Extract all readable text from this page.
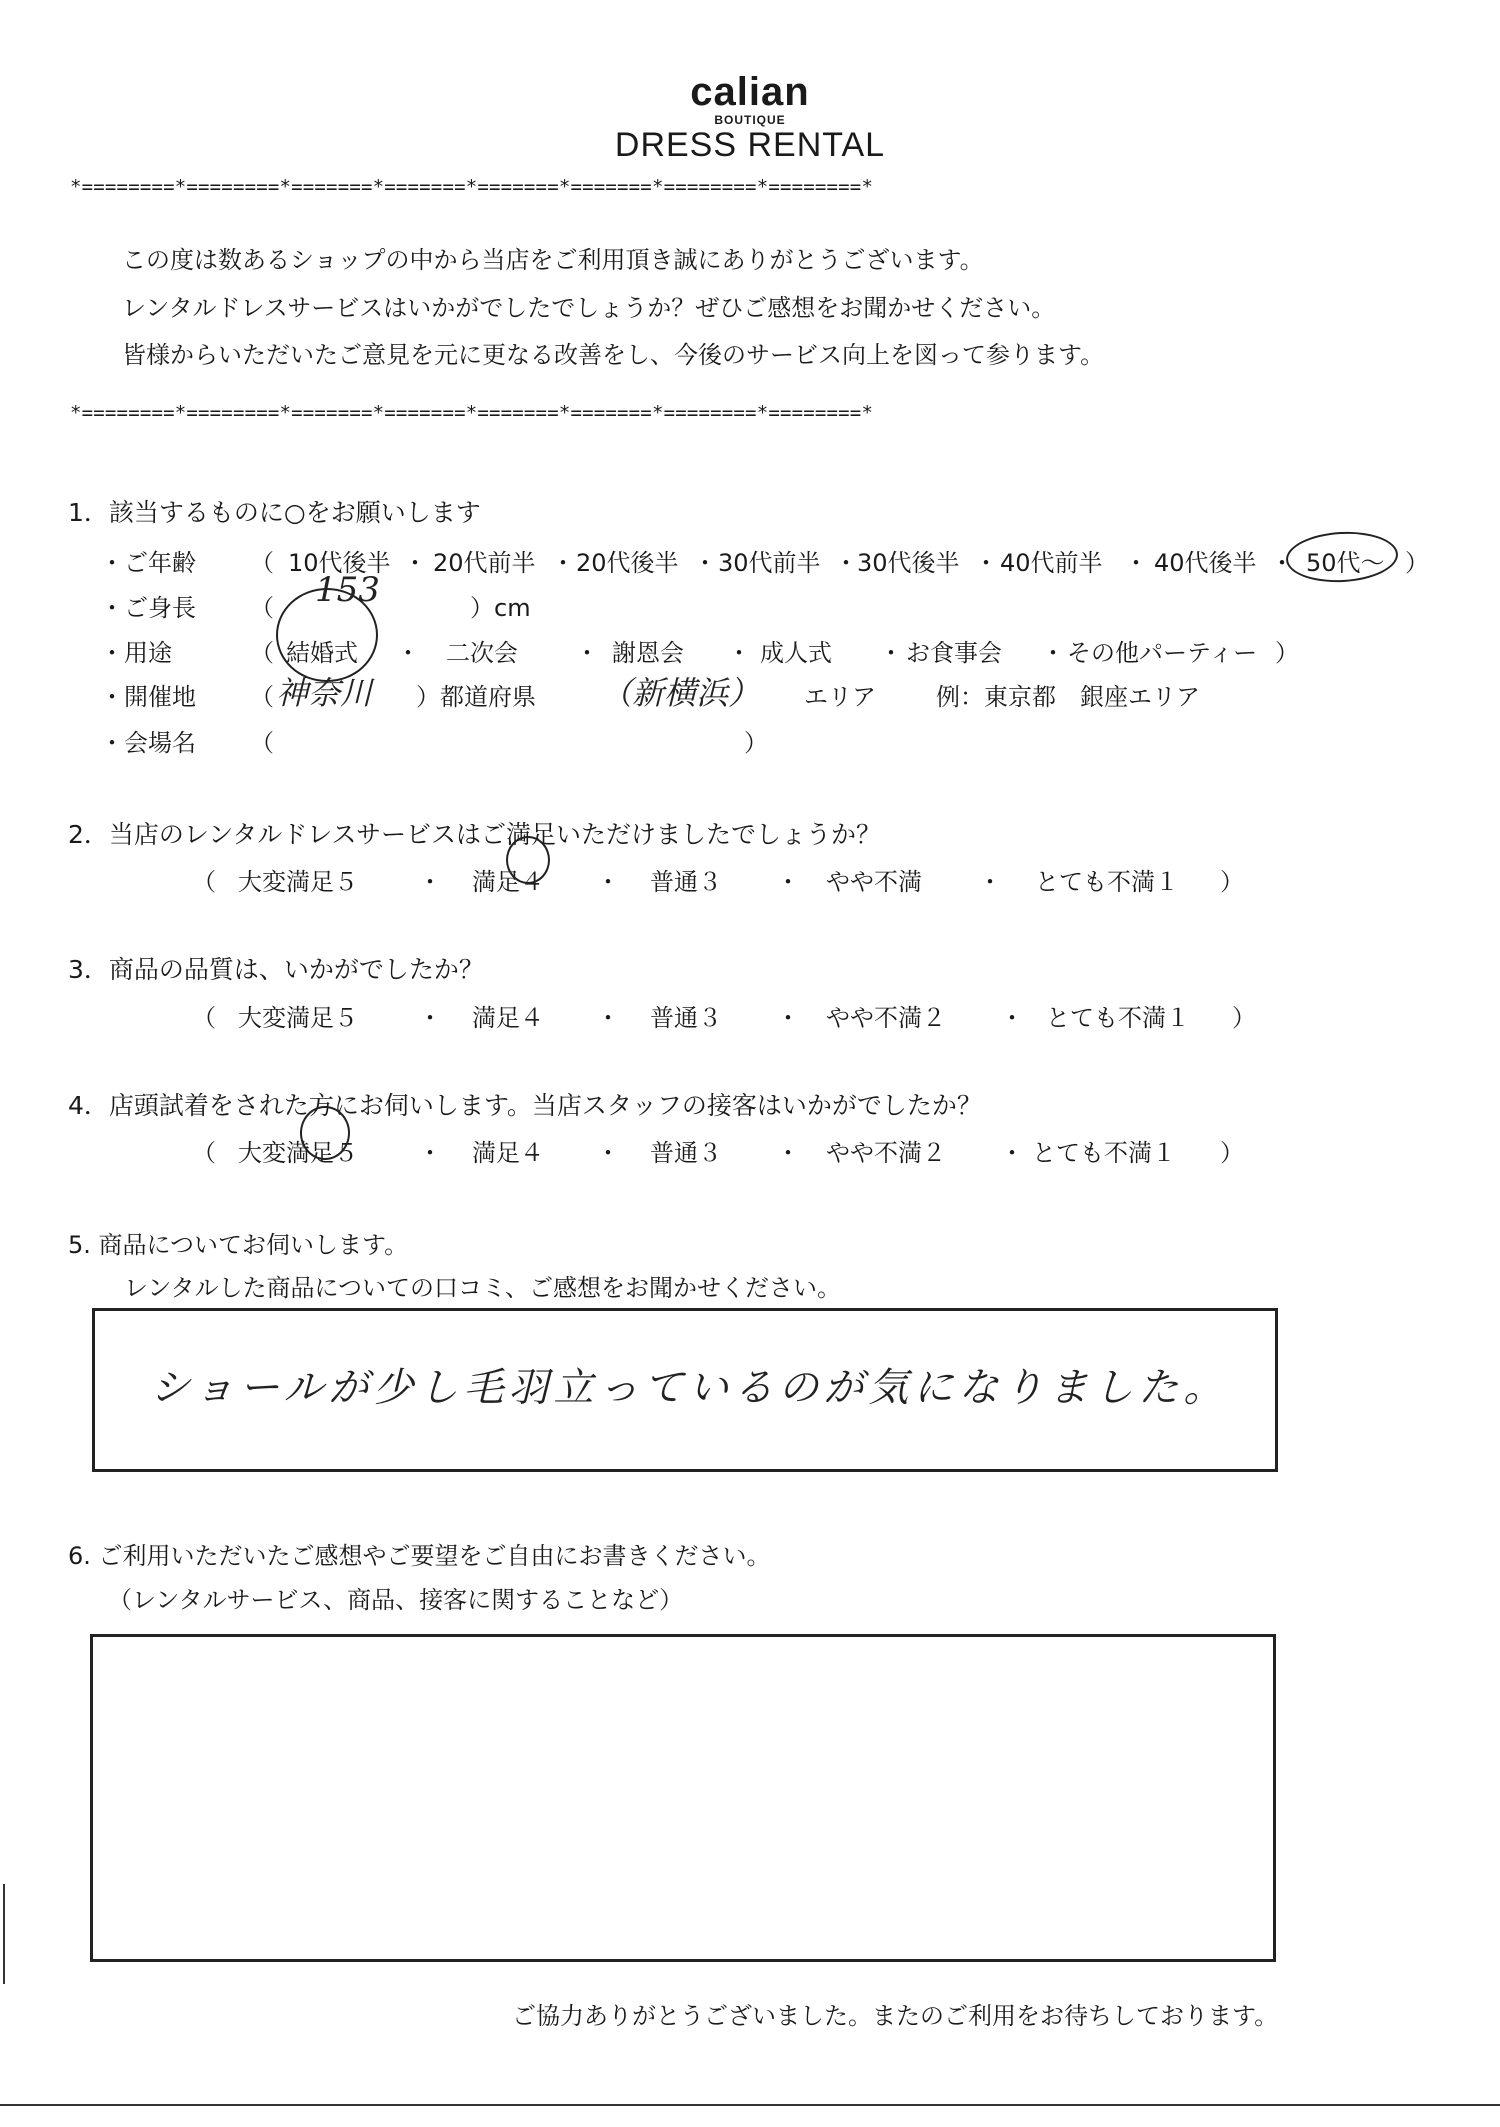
calian
BOUTIQUE
DRESS RENTAL
*========*========*=======*=======*=======*=======*========*========*
この度は数あるショップの中から当店をご利用頂き誠にありがとうございます。
レンタルドレスサービスはいかがでしたでしょうか？ぜひご感想をお聞かせください。
皆様からいただいたご意見を元に更なる改善をし、今後のサービス向上を図って参ります。
*========*========*=======*=======*=======*=======*========*========*
1．該当するものに○をお願いします
・ご年齢 （ 10代後半 ・ 20代前半 ・ 20代後半 ・ 30代前半 ・ 30代後半 ・ 40代前半 ・ 40代後半 ・ 50代～ ）
・ご身長 （ 153	）cm
・用途	（ 結婚式 ・ 二次会 ・ 謝恩会 ・ 成人式 ・ お食事会 ・ その他パーティー ）
・開催地 （ 神奈川 ）都道府県 （新横浜） エリア	例：東京都　銀座エリア
・会場名 （	）
2．当店のレンタルドレスサービスはご満足いただけましたでしょうか？
（ 大変満足５	・ 満足４ ・ 普通３ ・ やや不満 ・ とても不満１ ）
3．商品の品質は、いかがでしたか？
（ 大変満足５	・ 満足４ ・ 普通３ ・ やや不満２ ・ とても不満１ ）
4．店頭試着をされた方にお伺いします。当店スタッフの接客はいかがでしたか？
（ 大変満足５	・ 満足４ ・ 普通３ ・ やや不満２ ・ とても不満１ ）
5. 商品についてお伺いします。
レンタルした商品についての口コミ、ご感想をお聞かせください。
ショールが少し毛羽立っているのが気になりました。
6. ご利用いただいたご感想やご要望をご自由にお書きください。
（レンタルサービス、商品、接客に関することなど）
ご協力ありがとうございました。またのご利用をお待ちしております。
